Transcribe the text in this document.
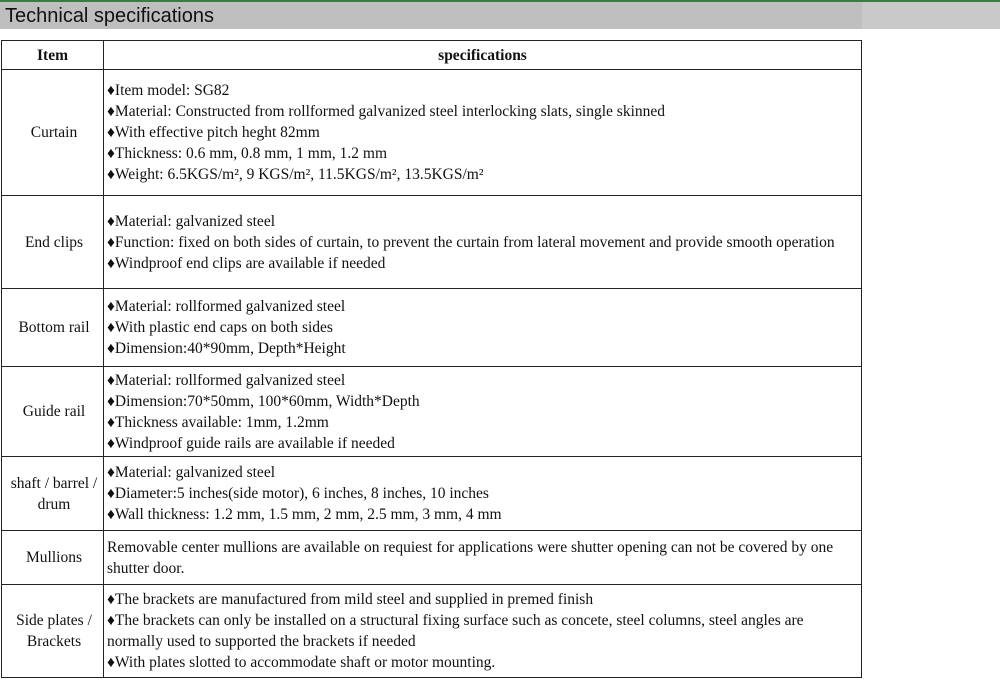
Technical specifications
Item	specifications
Curtain	♦Item model: SG82
♦Material: Constructed from rollformed galvanized steel interlocking slats, single skinned
♦With effective pitch heght 82mm
♦Thickness: 0.6 mm, 0.8 mm, 1 mm, 1.2 mm
♦Weight: 6.5KGS/m², 9 KGS/m², 11.5KGS/m², 13.5KGS/m²

End clips	♦Material: galvanized steel
♦Function: fixed on both sides of curtain, to prevent the curtain from lateral movement and provide smooth operation
♦Windproof end clips are available if needed

Bottom rail	♦Material: rollformed galvanized steel
♦With plastic end caps on both sides
♦Dimension:40*90mm, Depth*Height

Guide rail	♦Material: rollformed galvanized steel
♦Dimension:70*50mm, 100*60mm, Width*Depth
♦Thickness available: 1mm, 1.2mm
♦Windproof guide rails are available if needed

shaft / barrel / drum	♦Material: galvanized steel
♦Diameter:5 inches(side motor), 6 inches, 8 inches, 10 inches
♦Wall thickness: 1.2 mm, 1.5 mm, 2 mm, 2.5 mm, 3 mm, 4 mm

Mullions	Removable center mullions are available on requiest for applications were shutter opening can not be covered by one shutter door.

Side plates / Brackets	♦The brackets are manufactured from mild steel and supplied in premed finish
♦The brackets can only be installed on a structural fixing surface such as concete, steel columns, steel angles are normally used to supported the brackets if needed
♦With plates slotted to accommodate shaft or motor mounting.
